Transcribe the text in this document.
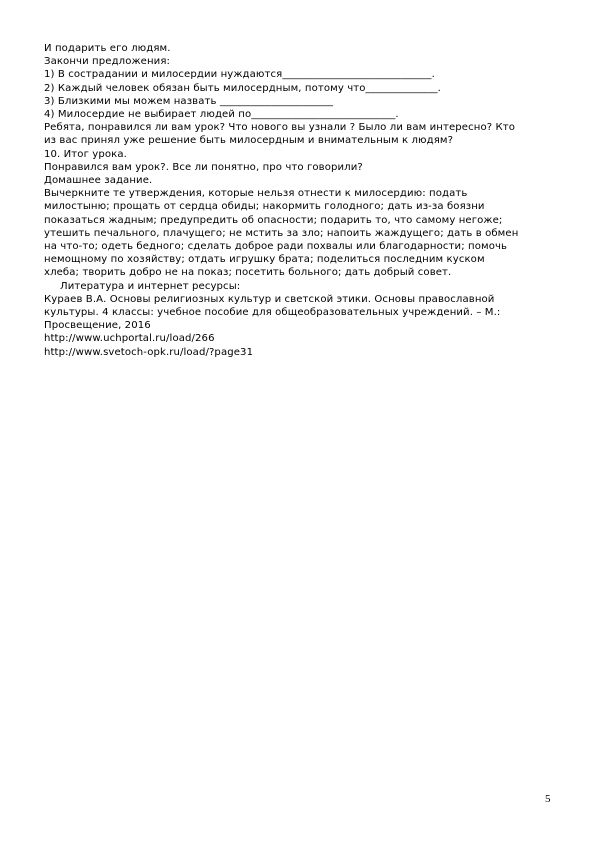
И подарить его людям.
Закончи предложения:
1) В сострадании и милосердии нуждаются_____________________________.
2) Каждый человек обязан быть милосердным, потому что______________.
3) Близкими мы можем назвать ______________________
4) Милосердие не выбирает людей по____________________________.
Ребята, понравился ли вам урок? Что нового вы узнали ? Было ли вам интересно? Кто
из вас принял уже решение быть милосердным и внимательным к людям?
10. Итог урока.
Понравился вам урок?. Все ли понятно, про что говорили?
Домашнее задание.
Вычеркните те утверждения, которые нельзя отнести к милосердию: подать
милостыню; прощать от сердца обиды; накормить голодного; дать из-за боязни
показаться жадным; предупредить об опасности; подарить то, что самому негоже;
утешить печального, плачущего; не мстить за зло; напоить жаждущего; дать в обмен
на что-то; одеть бедного; сделать доброе ради похвалы или благодарности; помочь
немощному по хозяйству; отдать игрушку брата; поделиться последним куском
хлеба; творить добро не на показ; посетить больного; дать добрый совет.
Литература и интернет ресурсы:
Кураев В.А. Основы религиозных культур и светской этики. Основы православной
культуры. 4 классы: учебное пособие для общеобразовательных учреждений. – М.:
Просвещение, 2016
http://www.uchportal.ru/load/266
http://www.svetoch-opk.ru/load/?page31
5
